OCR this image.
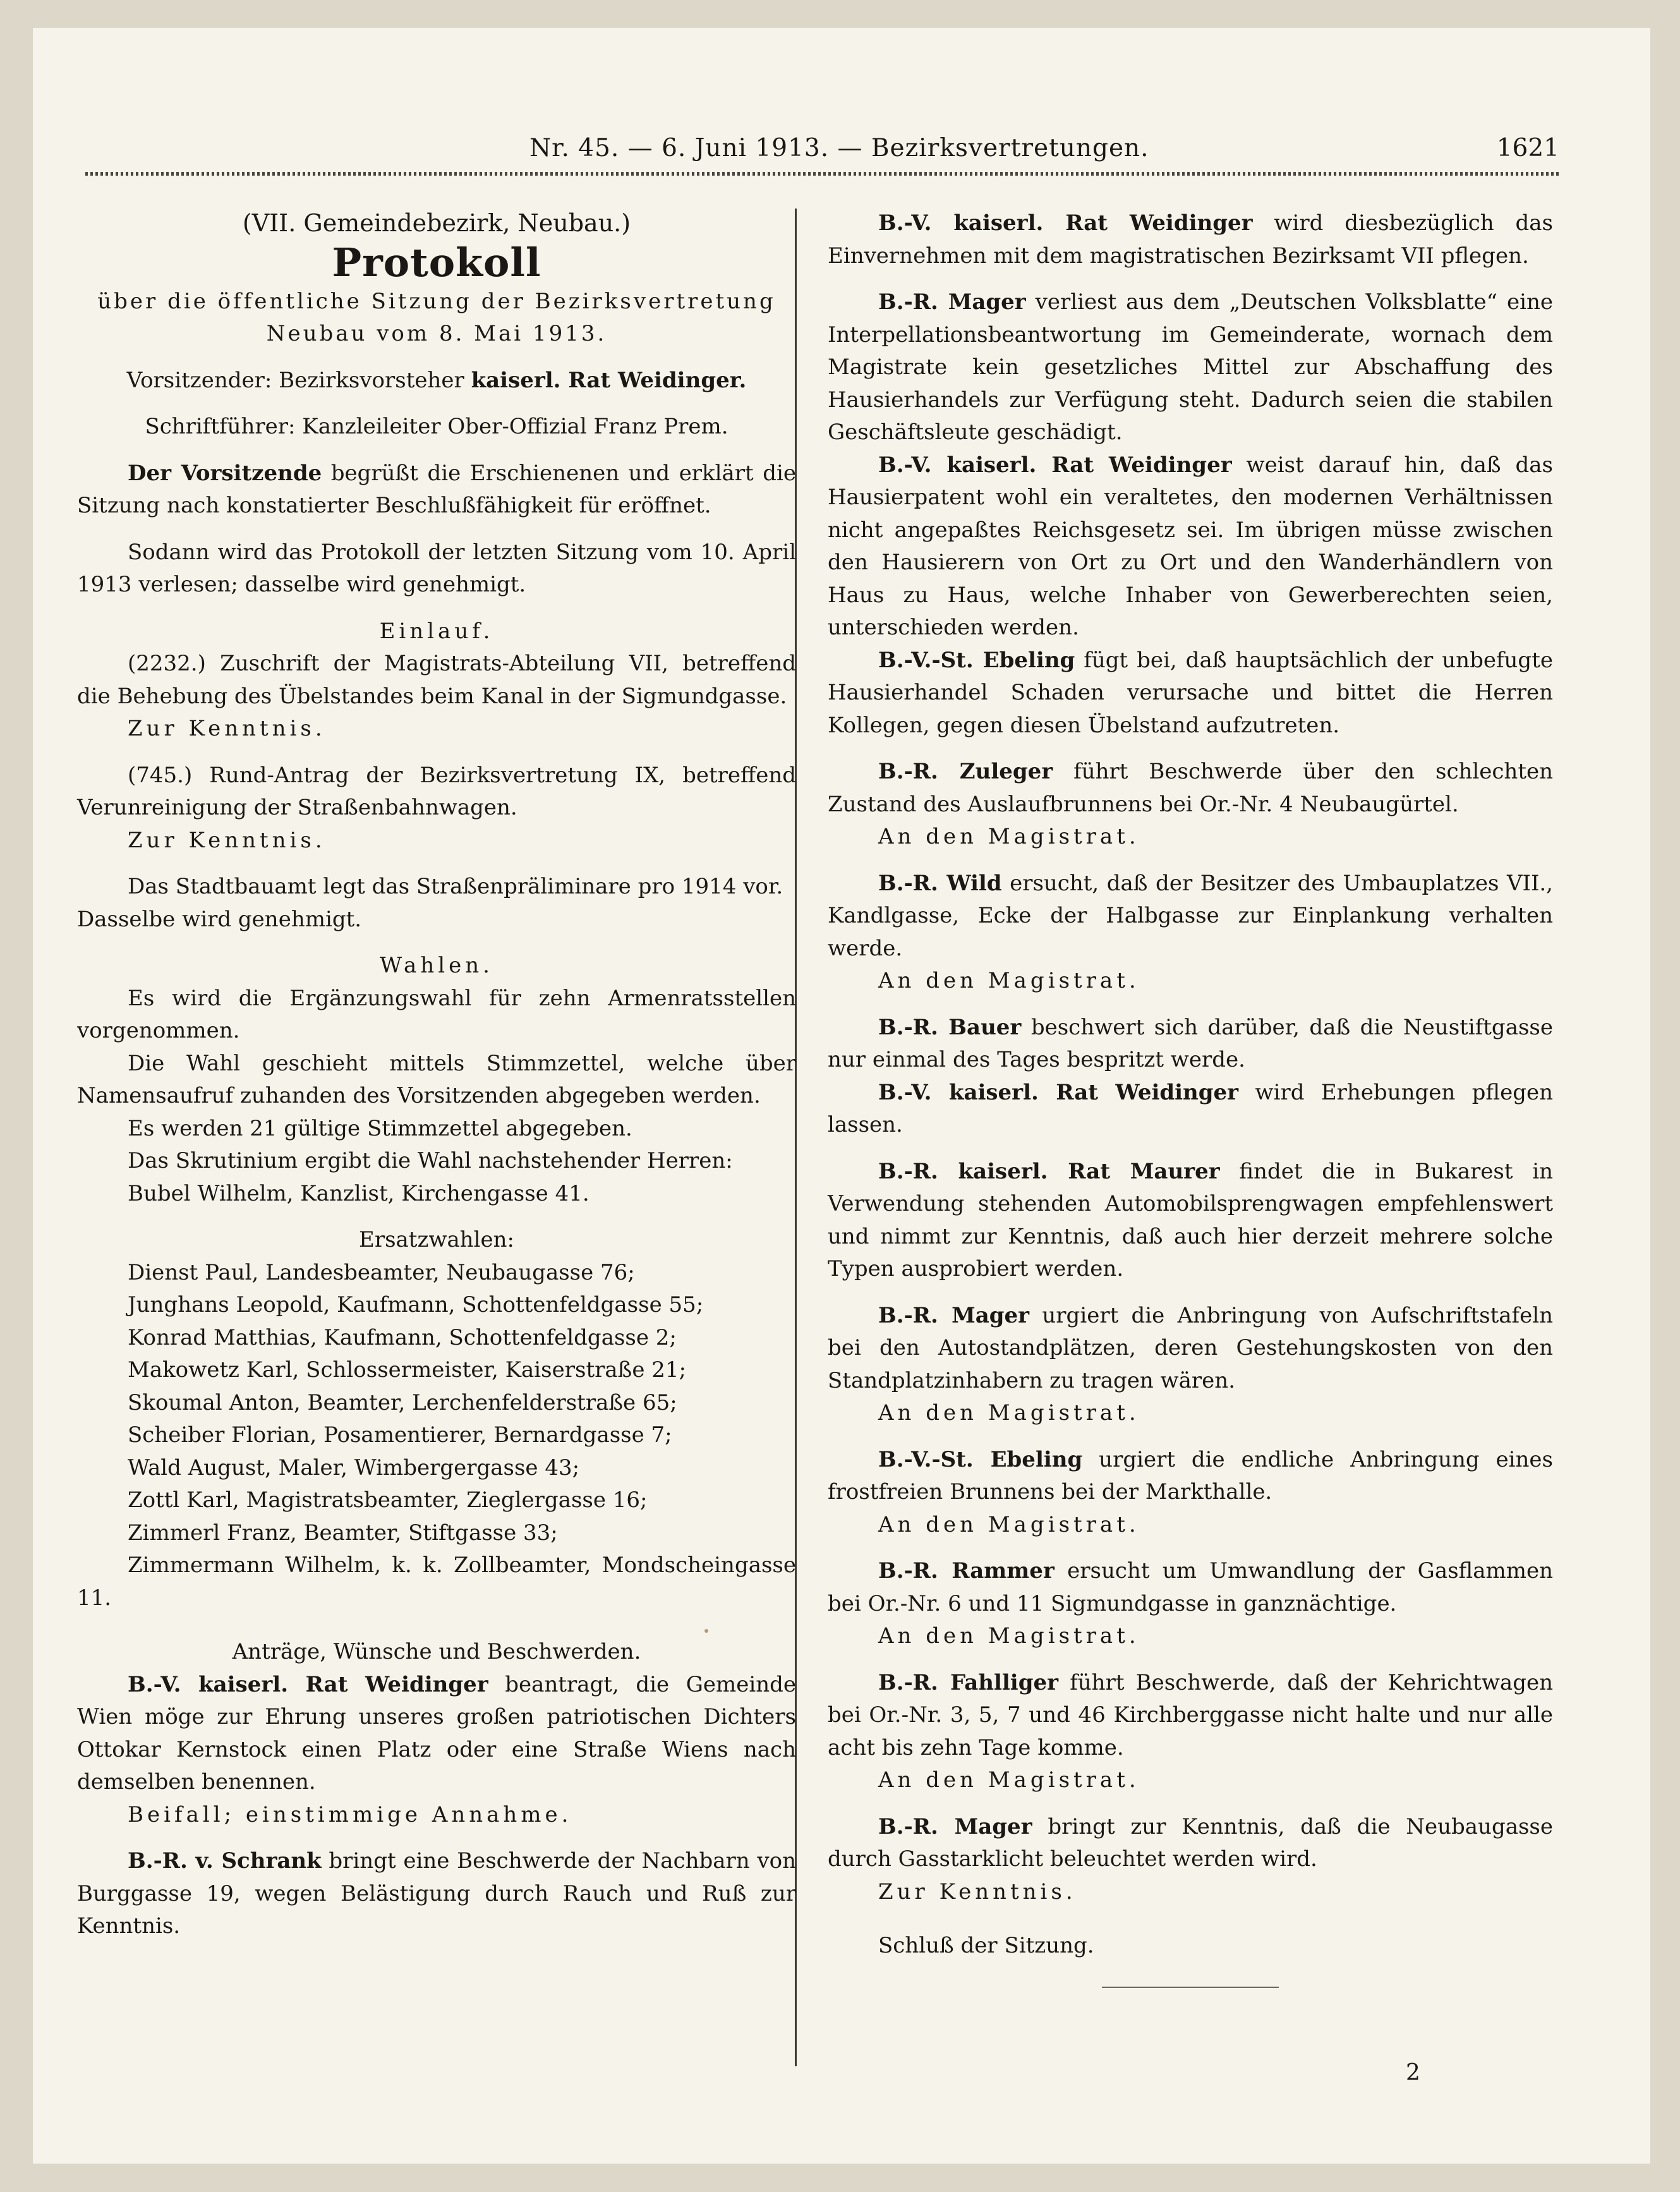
Nr. 45. — 6. Juni 1913. — Bezirksvertretungen.	1621

(VII. Gemeindebezirk, Neubau.)

Protokoll

über die öffentliche Sitzung der Bezirksvertretung

Neubau vom 8. Mai 1913.

Vorsitzender: Bezirksvorsteher kaiserl. Rat Weidinger.

Schriftführer: Kanzleileiter Ober-Offizial Franz Prem.

Der Vorsitzende begrüßt die Erschienenen und erklärt die Sitzung nach konstatierter Beschlußfähigkeit für eröffnet.

Sodann wird das Protokoll der letzten Sitzung vom 10. April 1913 verlesen; dasselbe wird genehmigt.

Einlauf.

(2232.) Zuschrift der Magistrats-Abteilung VII, betreffend die Behebung des Übelstandes beim Kanal in der Sigmundgasse.

Zur Kenntnis.

(745.) Rund-Antrag der Bezirksvertretung IX, betreffend Verunreinigung der Straßenbahnwagen.

Zur Kenntnis.

Das Stadtbauamt legt das Straßenpräliminare pro 1914 vor.

Dasselbe wird genehmigt.

Wahlen.

Es wird die Ergänzungswahl für zehn Armenratsstellen vorgenommen.

Die Wahl geschieht mittels Stimmzettel, welche über Namensaufruf zuhanden des Vorsitzenden abgegeben werden.

Es werden 21 gültige Stimmzettel abgegeben.

Das Skrutinium ergibt die Wahl nachstehender Herren:

Bubel Wilhelm, Kanzlist, Kirchengasse 41.

Ersatzwahlen:

Dienst Paul, Landesbeamter, Neubaugasse 76;

Junghans Leopold, Kaufmann, Schottenfeldgasse 55;

Konrad Matthias, Kaufmann, Schottenfeldgasse 2;

Makowetz Karl, Schlossermeister, Kaiserstraße 21;

Skoumal Anton, Beamter, Lerchenfelderstraße 65;

Scheiber Florian, Posamentierer, Bernardgasse 7;

Wald August, Maler, Wimbergergasse 43;

Zottl Karl, Magistratsbeamter, Zieglergasse 16;

Zimmerl Franz, Beamter, Stiftgasse 33;

Zimmermann Wilhelm, k. k. Zollbeamter, Mondscheingasse 11.

Anträge, Wünsche und Beschwerden.

B.-V. kaiserl. Rat Weidinger beantragt, die Gemeinde Wien möge zur Ehrung unseres großen patriotischen Dichters Ottokar Kernstock einen Platz oder eine Straße Wiens nach demselben benennen.

Beifall; einstimmige Annahme.

B.-R. v. Schrank bringt eine Beschwerde der Nachbarn von Burggasse 19, wegen Belästigung durch Rauch und Ruß zur Kenntnis.

B.-V. kaiserl. Rat Weidinger wird diesbezüglich das Einvernehmen mit dem magistratischen Bezirksamt VII pflegen.

B.-R. Mager verliest aus dem „Deutschen Volksblatte“ eine Interpellationsbeantwortung im Gemeinderate, wornach dem Magistrate kein gesetzliches Mittel zur Abschaffung des Hausierhandels zur Verfügung steht. Dadurch seien die stabilen Geschäftsleute geschädigt.

B.-V. kaiserl. Rat Weidinger weist darauf hin, daß das Hausierpatent wohl ein veraltetes, den modernen Verhältnissen nicht angepaßtes Reichsgesetz sei. Im übrigen müsse zwischen den Hausierern von Ort zu Ort und den Wanderhändlern von Haus zu Haus, welche Inhaber von Gewerberechten seien, unterschieden werden.

B.-V.-St. Ebeling fügt bei, daß hauptsächlich der unbefugte Hausierhandel Schaden verursache und bittet die Herren Kollegen, gegen diesen Übelstand aufzutreten.

B.-R. Zuleger führt Beschwerde über den schlechten Zustand des Auslaufbrunnens bei Or.-Nr. 4 Neubaugürtel.

An den Magistrat.

B.-R. Wild ersucht, daß der Besitzer des Umbauplatzes VII., Kandlgasse, Ecke der Halbgasse zur Einplankung verhalten werde.

An den Magistrat.

B.-R. Bauer beschwert sich darüber, daß die Neustiftgasse nur einmal des Tages bespritzt werde.

B.-V. kaiserl. Rat Weidinger wird Erhebungen pflegen lassen.

B.-R. kaiserl. Rat Maurer findet die in Bukarest in Verwendung stehenden Automobilsprengwagen empfehlenswert und nimmt zur Kenntnis, daß auch hier derzeit mehrere solche Typen ausprobiert werden.

B.-R. Mager urgiert die Anbringung von Aufschriftstafeln bei den Autostandplätzen, deren Gestehungskosten von den Standplatzinhabern zu tragen wären.

An den Magistrat.

B.-V.-St. Ebeling urgiert die endliche Anbringung eines frostfreien Brunnens bei der Markthalle.

An den Magistrat.

B.-R. Rammer ersucht um Umwandlung der Gasflammen bei Or.-Nr. 6 und 11 Sigmundgasse in ganznächtige.

An den Magistrat.

B.-R. Fahlliger führt Beschwerde, daß der Kehrichtwagen bei Or.-Nr. 3, 5, 7 und 46 Kirchberggasse nicht halte und nur alle acht bis zehn Tage komme.

An den Magistrat.

B.-R. Mager bringt zur Kenntnis, daß die Neubaugasse durch Gasstarklicht beleuchtet werden wird.

Zur Kenntnis.

Schluß der Sitzung.

2
